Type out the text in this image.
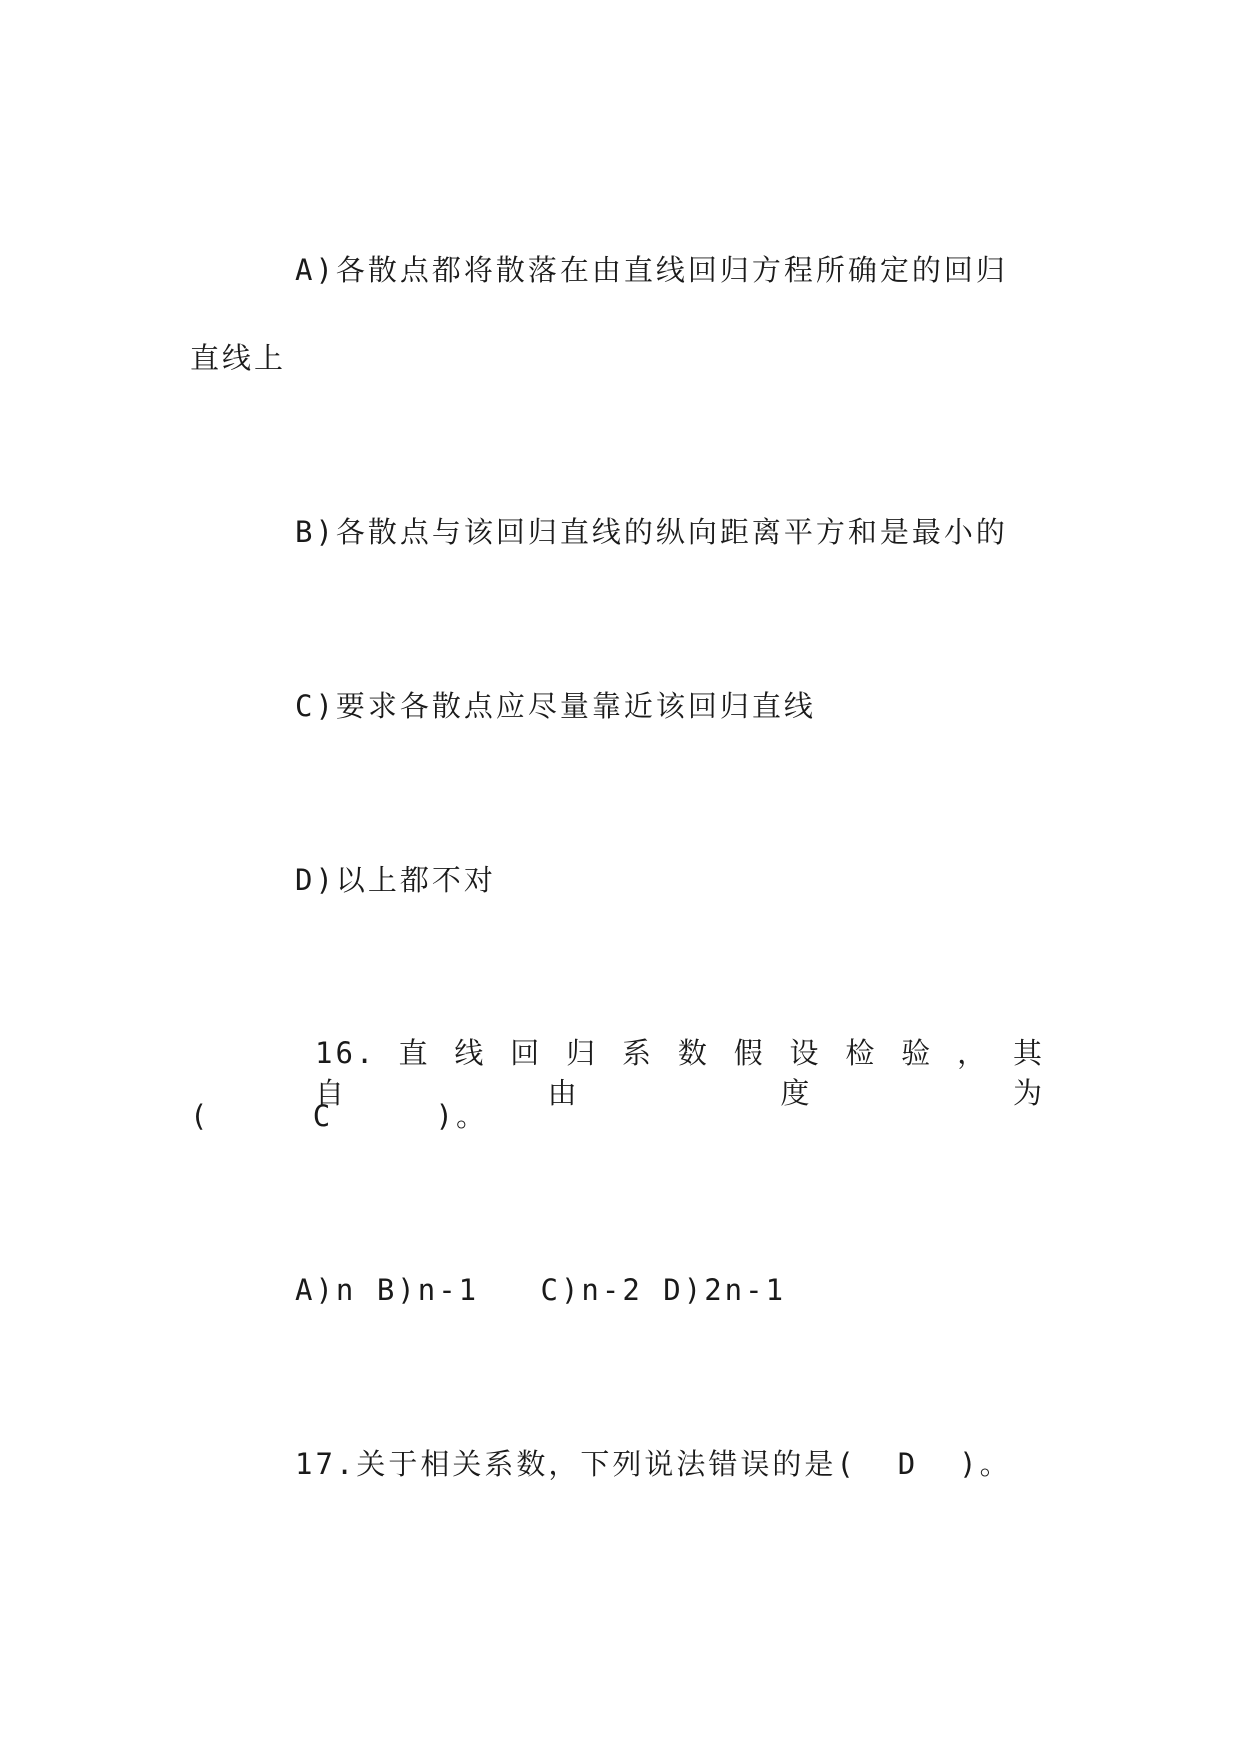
A)各散点都将散落在由直线回归方程所确定的回归
直线上
B)各散点与该回归直线的纵向距离平方和是最小的
C)要求各散点应尽量靠近该回归直线
D)以上都不对
16. 直 线 回 归 系 数 假 设 检 验 ， 其 自 由 度 为
(     C     )。
A)n B)n-1   C)n-2 D)2n-1
17.关于相关系数，下列说法错误的是(  D  )。
